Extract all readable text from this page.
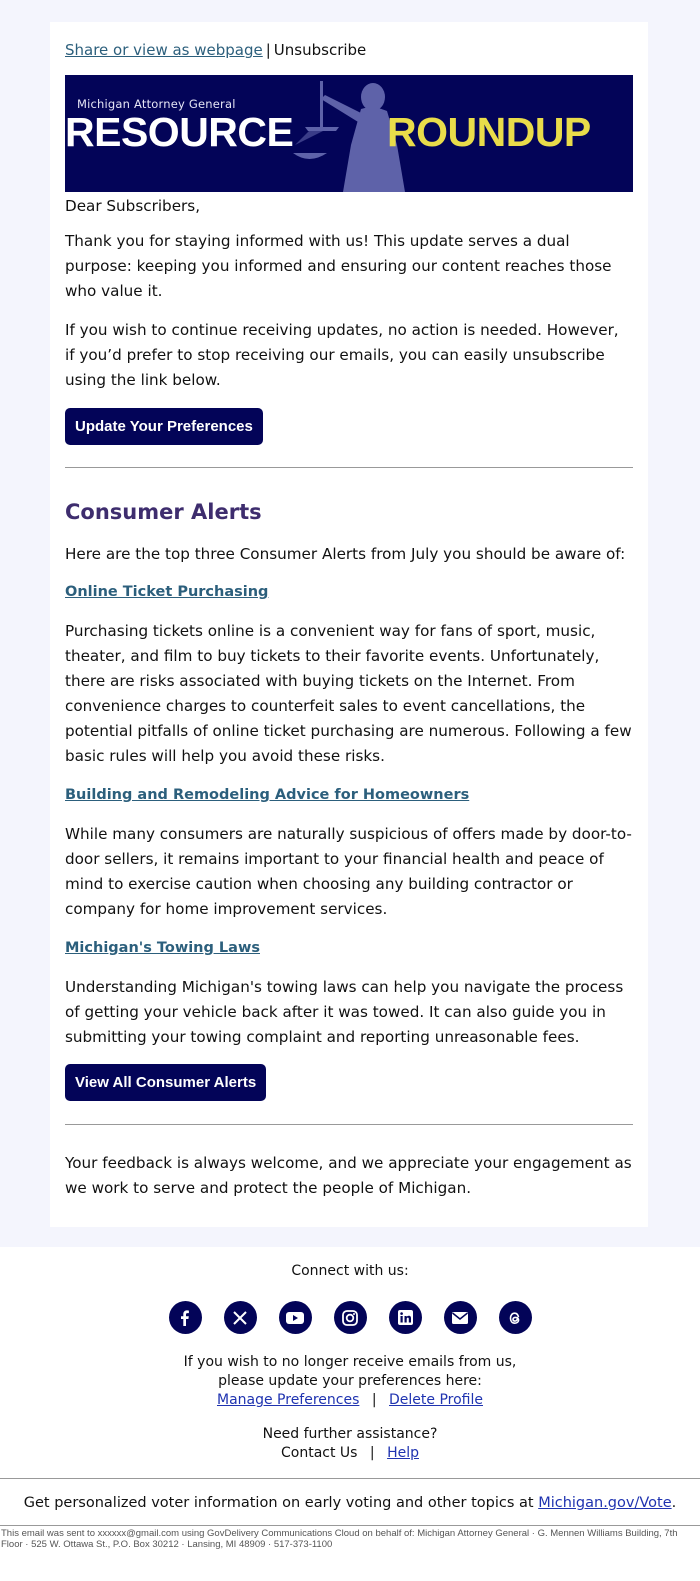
Share or view as webpage | Unsubscribe
Michigan Attorney General
RESOURCE ROUNDUP
Dear Subscribers,
Thank you for staying informed with us! This update serves a dual purpose: keeping you informed and ensuring our content reaches those who value it.
If you wish to continue receiving updates, no action is needed. However, if you’d prefer to stop receiving our emails, you can easily unsubscribe using the link below.
Update Your Preferences
Consumer Alerts
Here are the top three Consumer Alerts from July you should be aware of:
Online Ticket Purchasing
Purchasing tickets online is a convenient way for fans of sport, music, theater, and film to buy tickets to their favorite events. Unfortunately, there are risks associated with buying tickets on the Internet. From convenience charges to counterfeit sales to event cancellations, the potential pitfalls of online ticket purchasing are numerous. Following a few basic rules will help you avoid these risks.
Building and Remodeling Advice for Homeowners
While many consumers are naturally suspicious of offers made by door-to-door sellers, it remains important to your financial health and peace of mind to exercise caution when choosing any building contractor or company for home improvement services.
Michigan's Towing Laws
Understanding Michigan's towing laws can help you navigate the process of getting your vehicle back after it was towed. It can also guide you in submitting your towing complaint and reporting unreasonable fees.
View All Consumer Alerts
Your feedback is always welcome, and we appreciate your engagement as we work to serve and protect the people of Michigan.
Connect with us:
If you wish to no longer receive emails from us,
please update your preferences here:
Manage Preferences | Delete Profile
Need further assistance?
Contact Us | Help
Get personalized voter information on early voting and other topics at Michigan.gov/Vote.
This email was sent to xxxxxx@gmail.com using GovDelivery Communications Cloud on behalf of: Michigan Attorney General · G. Mennen Williams Building, 7th Floor · 525 W. Ottawa St., P.O. Box 30212 · Lansing, MI 48909 · 517-373-1100
